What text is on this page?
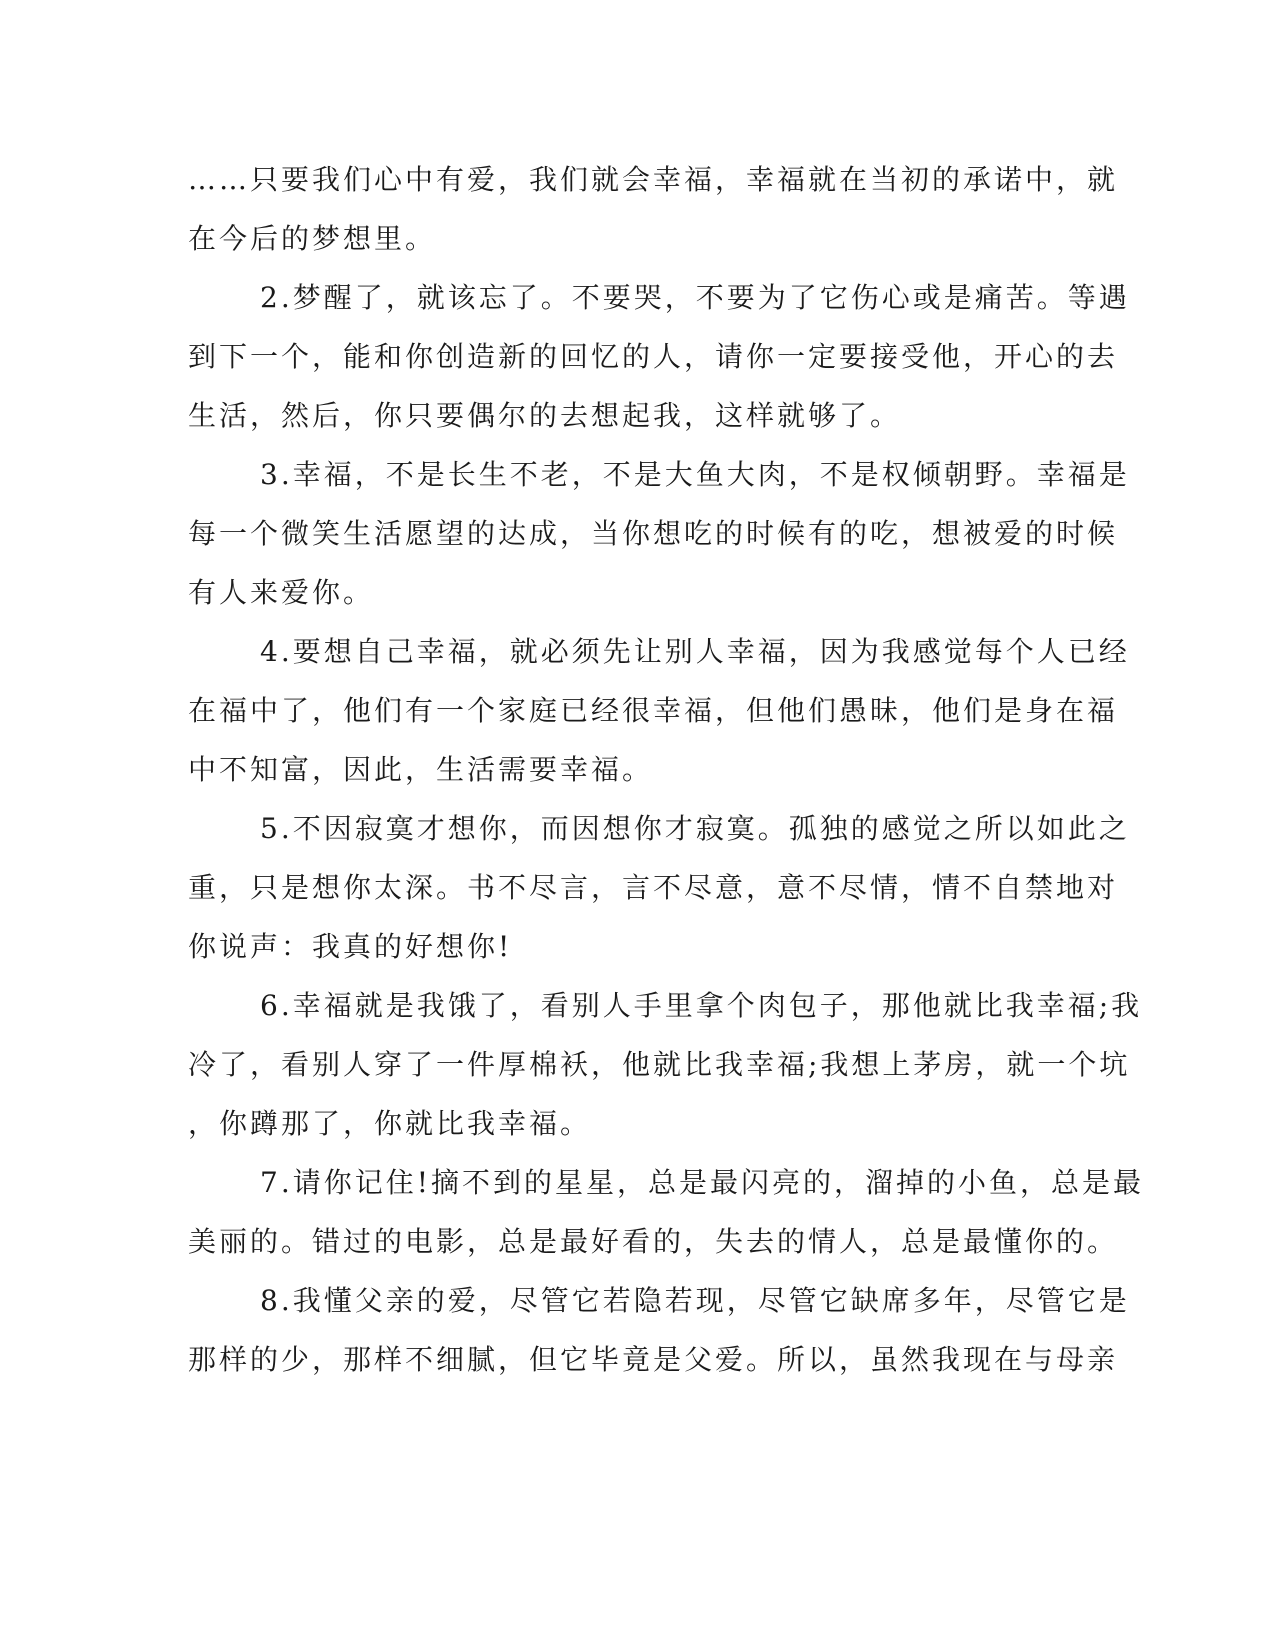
……只要我们心中有爱，我们就会幸福，幸福就在当初的承诺中，就
在今后的梦想里。
2.梦醒了，就该忘了。不要哭，不要为了它伤心或是痛苦。等遇
到下一个，能和你创造新的回忆的人，请你一定要接受他，开心的去
生活，然后，你只要偶尔的去想起我，这样就够了。
3.幸福，不是长生不老，不是大鱼大肉，不是权倾朝野。幸福是
每一个微笑生活愿望的达成，当你想吃的时候有的吃，想被爱的时候
有人来爱你。
4.要想自己幸福，就必须先让别人幸福，因为我感觉每个人已经
在福中了，他们有一个家庭已经很幸福，但他们愚昧，他们是身在福
中不知富，因此，生活需要幸福。
5.不因寂寞才想你，而因想你才寂寞。孤独的感觉之所以如此之
重，只是想你太深。书不尽言，言不尽意，意不尽情，情不自禁地对
你说声：我真的好想你!
6.幸福就是我饿了，看别人手里拿个肉包子，那他就比我幸福;我
冷了，看别人穿了一件厚棉袄，他就比我幸福;我想上茅房，就一个坑
，你蹲那了，你就比我幸福。
7.请你记住!摘不到的星星，总是最闪亮的，溜掉的小鱼，总是最
美丽的。错过的电影，总是最好看的，失去的情人，总是最懂你的。
8.我懂父亲的爱，尽管它若隐若现，尽管它缺席多年，尽管它是
那样的少，那样不细腻，但它毕竟是父爱。所以，虽然我现在与母亲
